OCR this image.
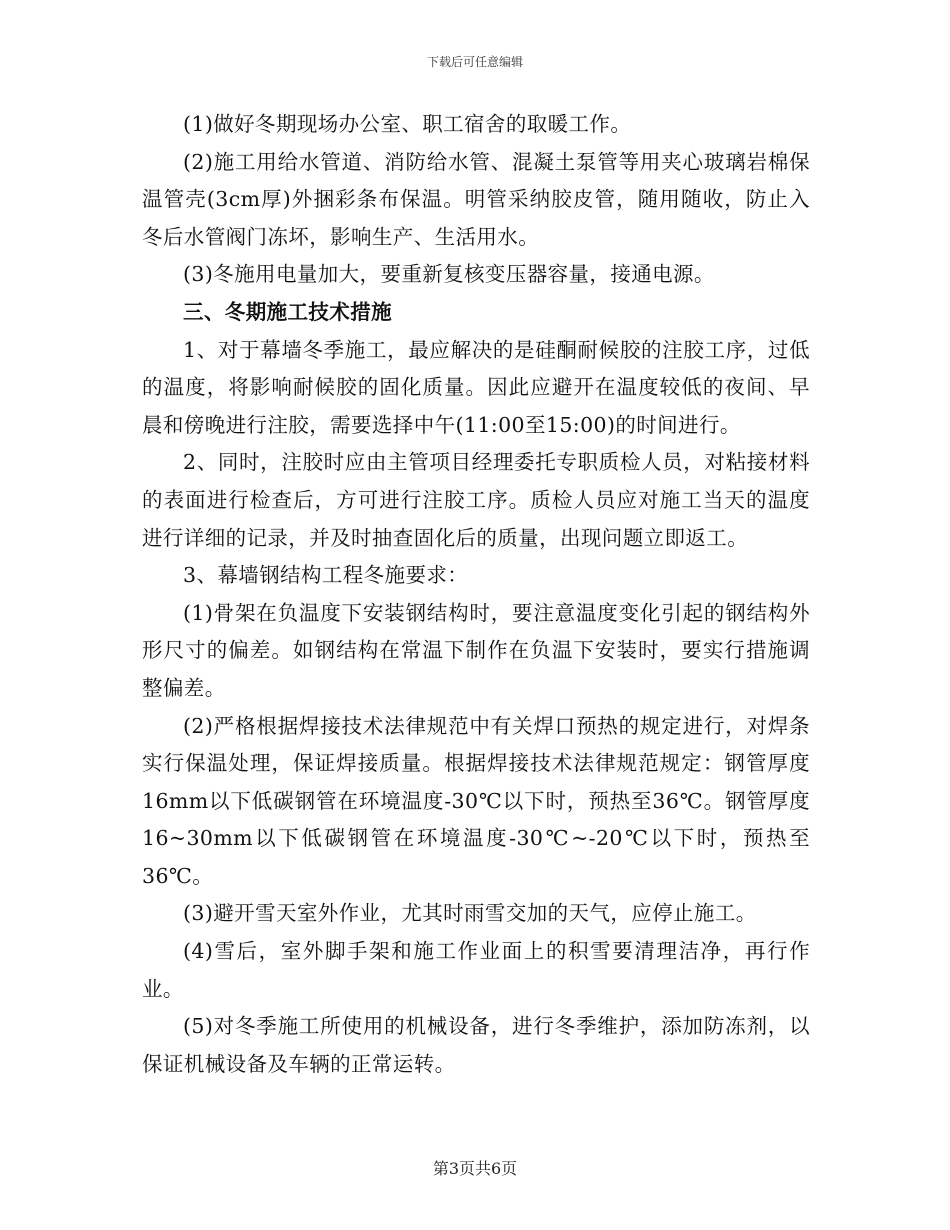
下载后可任意编辑

(1)做好冬期现场办公室、职工宿舍的取暖工作。

(2)施工用给水管道、消防给水管、混凝土泵管等用夹心玻璃岩棉保温管壳(3cm厚)外捆彩条布保温。明管采纳胶皮管，随用随收，防止入冬后水管阀门冻坏，影响生产、生活用水。

(3)冬施用电量加大，要重新复核变压器容量，接通电源。

三、冬期施工技术措施

1、对于幕墙冬季施工，最应解决的是硅酮耐候胶的注胶工序，过低的温度，将影响耐候胶的固化质量。因此应避开在温度较低的夜间、早晨和傍晚进行注胶，需要选择中午(11:00至15:00)的时间进行。

2、同时，注胶时应由主管项目经理委托专职质检人员，对粘接材料的表面进行检查后，方可进行注胶工序。质检人员应对施工当天的温度进行详细的记录，并及时抽查固化后的质量，出现问题立即返工。

3、幕墙钢结构工程冬施要求：

(1)骨架在负温度下安装钢结构时，要注意温度变化引起的钢结构外形尺寸的偏差。如钢结构在常温下制作在负温下安装时，要实行措施调整偏差。

(2)严格根据焊接技术法律规范中有关焊口预热的规定进行，对焊条实行保温处理，保证焊接质量。根据焊接技术法律规范规定：钢管厚度16mm以下低碳钢管在环境温度-30℃以下时，预热至36℃。钢管厚度16~30mm以下低碳钢管在环境温度-30℃~-20℃以下时，预热至36℃。

(3)避开雪天室外作业，尤其时雨雪交加的天气，应停止施工。

(4)雪后，室外脚手架和施工作业面上的积雪要清理洁净，再行作业。

(5)对冬季施工所使用的机械设备，进行冬季维护，添加防冻剂，以保证机械设备及车辆的正常运转。

第3页共6页
